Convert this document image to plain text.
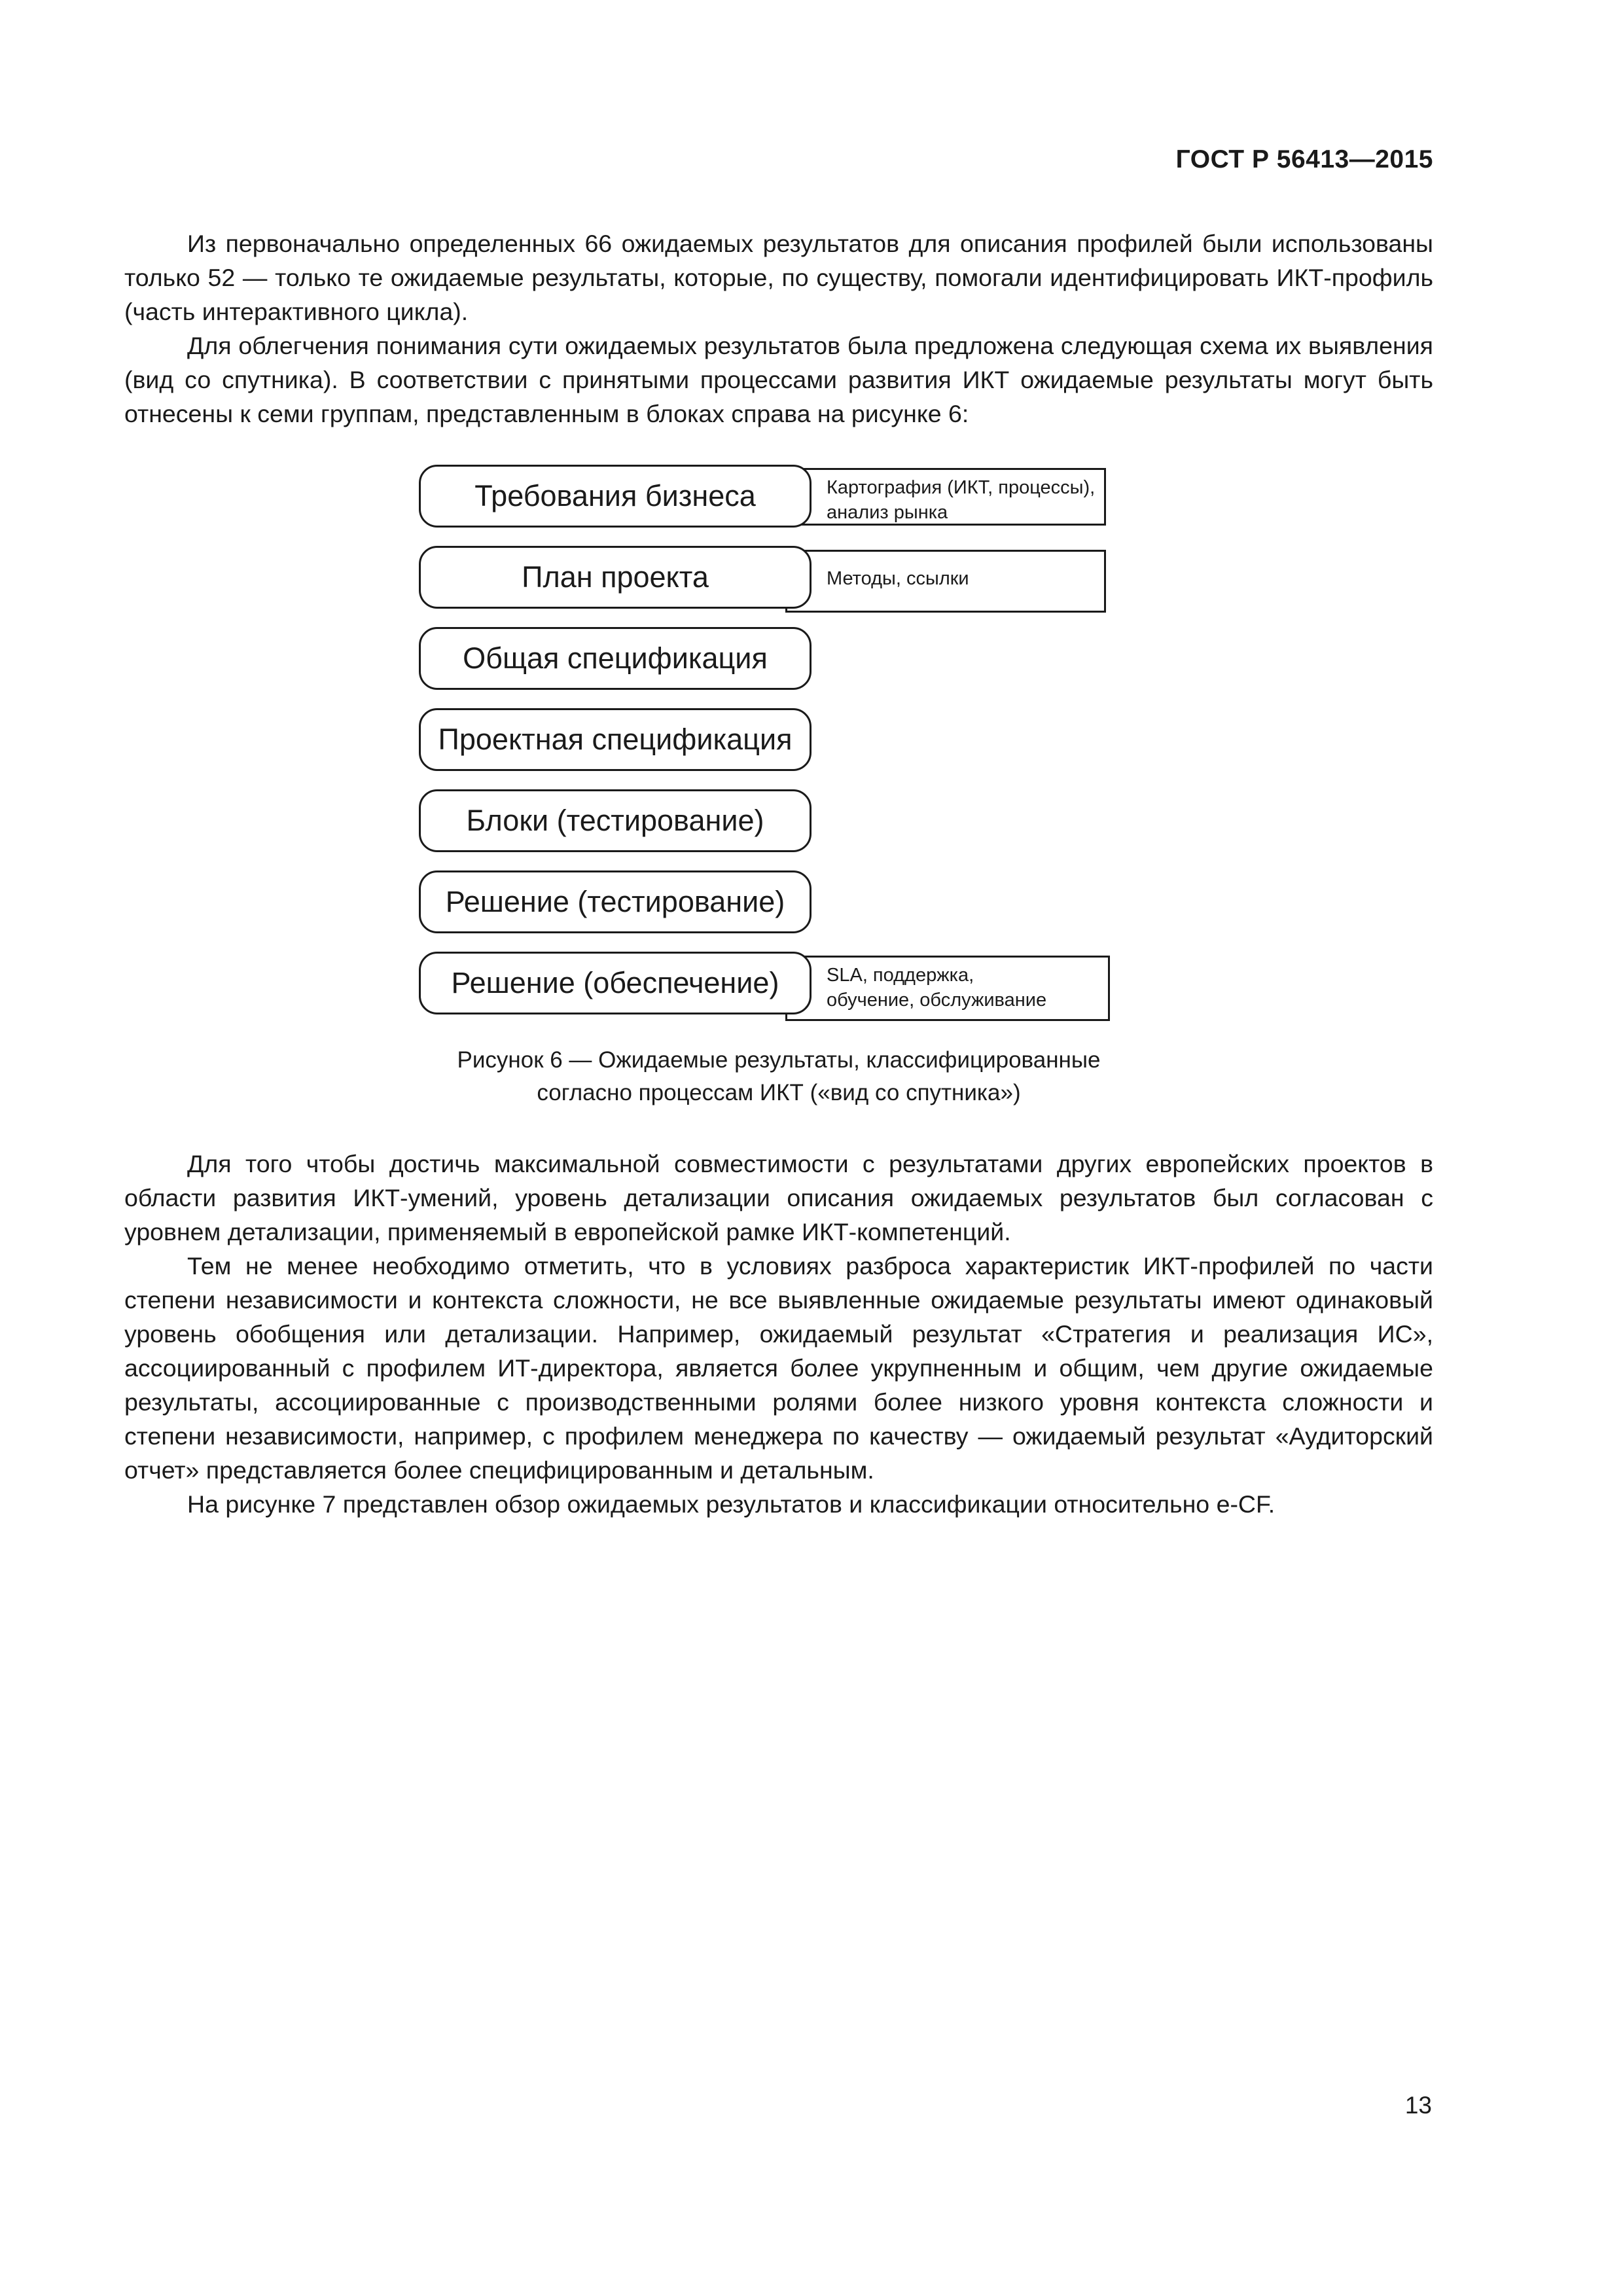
ГОСТ Р 56413—2015

Из первоначально определенных 66 ожидаемых результатов для описания профилей были использованы только 52 — только те ожидаемые результаты, которые, по существу, помогали идентифицировать ИКТ-профиль (часть интерактивного цикла).

Для облегчения понимания сути ожидаемых результатов была предложена следующая схема их выявления (вид со спутника). В соответствии с принятыми процессами развития ИКТ ожидаемые результаты могут быть отнесены к семи группам, представленным в блоках справа на рисунке 6:

Требования бизнеса
План проекта
Общая спецификация
Проектная спецификация
Блоки (тестирование)
Решение (тестирование)
Решение (обеспечение)
Картография (ИКТ, процессы),
анализ рынка
Методы, ссылки
SLA, поддержка,
обучение, обслуживание
Рисунок 6 — Ожидаемые результаты, классифицированные
согласно процессам ИКТ («вид со спутника»)

Для того чтобы достичь максимальной совместимости с результатами других европейских проектов в области развития ИКТ-умений, уровень детализации описания ожидаемых результатов был согласован с уровнем детализации, применяемый в европейской рамке ИКТ-компетенций.

Тем не менее необходимо отметить, что в условиях разброса характеристик ИКТ-профилей по части степени независимости и контекста сложности, не все выявленные ожидаемые результаты имеют одинаковый уровень обобщения или детализации. Например, ожидаемый результат «Стратегия и реализация ИС», ассоциированный с профилем ИТ-директора, является более укрупненным и общим, чем другие ожидаемые результаты, ассоциированные с производственными ролями более низкого уровня контекста сложности и степени независимости, например, с профилем менеджера по качеству — ожидаемый результат «Аудиторский отчет» представляется более специфицированным и детальным.

На рисунке 7 представлен обзор ожидаемых результатов и классификации относительно e-CF.

13
